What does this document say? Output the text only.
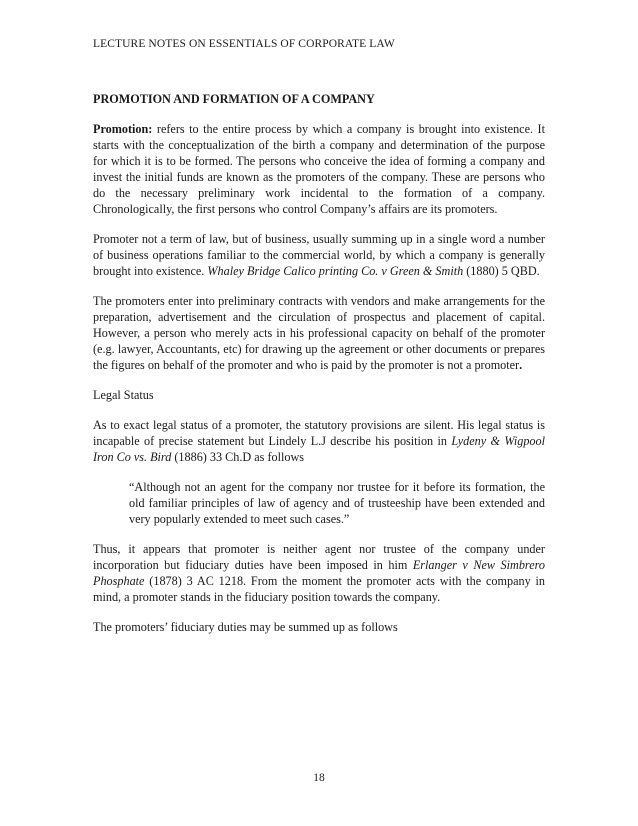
LECTURE NOTES ON ESSENTIALS OF CORPORATE LAW
PROMOTION AND FORMATION OF A COMPANY

Promotion: refers to the entire process by which a company is brought into existence. It starts with the conceptualization of the birth a company and determination of the purpose for which it is to be formed. The persons who conceive the idea of forming a company and invest the initial funds are known as the promoters of the company. These are persons who do the necessary preliminary work incidental to the formation of a company. Chronologically, the first persons who control Company’s affairs are its promoters.

Promoter not a term of law, but of business, usually summing up in a single word a number of business operations familiar to the commercial world, by which a company is generally brought into existence. Whaley Bridge Calico printing Co. v Green & Smith (1880) 5 QBD.

The promoters enter into preliminary contracts with vendors and make arrangements for the preparation, advertisement and the circulation of prospectus and placement of capital. However, a person who merely acts in his professional capacity on behalf of the promoter (e.g. lawyer, Accountants, etc) for drawing up the agreement or other documents or prepares the figures on behalf of the promoter and who is paid by the promoter is not a promoter.

Legal Status

As to exact legal status of a promoter, the statutory provisions are silent. His legal status is incapable of precise statement but Lindely L.J describe his position in Lydeny & Wigpool Iron Co vs. Bird (1886) 33 Ch.D as follows

“Although not an agent for the company nor trustee for it before its formation, the old familiar principles of law of agency and of trusteeship have been extended and very popularly extended to meet such cases.”

Thus, it appears that promoter is neither agent nor trustee of the company under incorporation but fiduciary duties have been imposed in him Erlanger v New Simbrero Phosphate (1878) 3 AC 1218. From the moment the promoter acts with the company in mind, a promoter stands in the fiduciary position towards the company.

The promoters’ fiduciary duties may be summed up as follows

18
